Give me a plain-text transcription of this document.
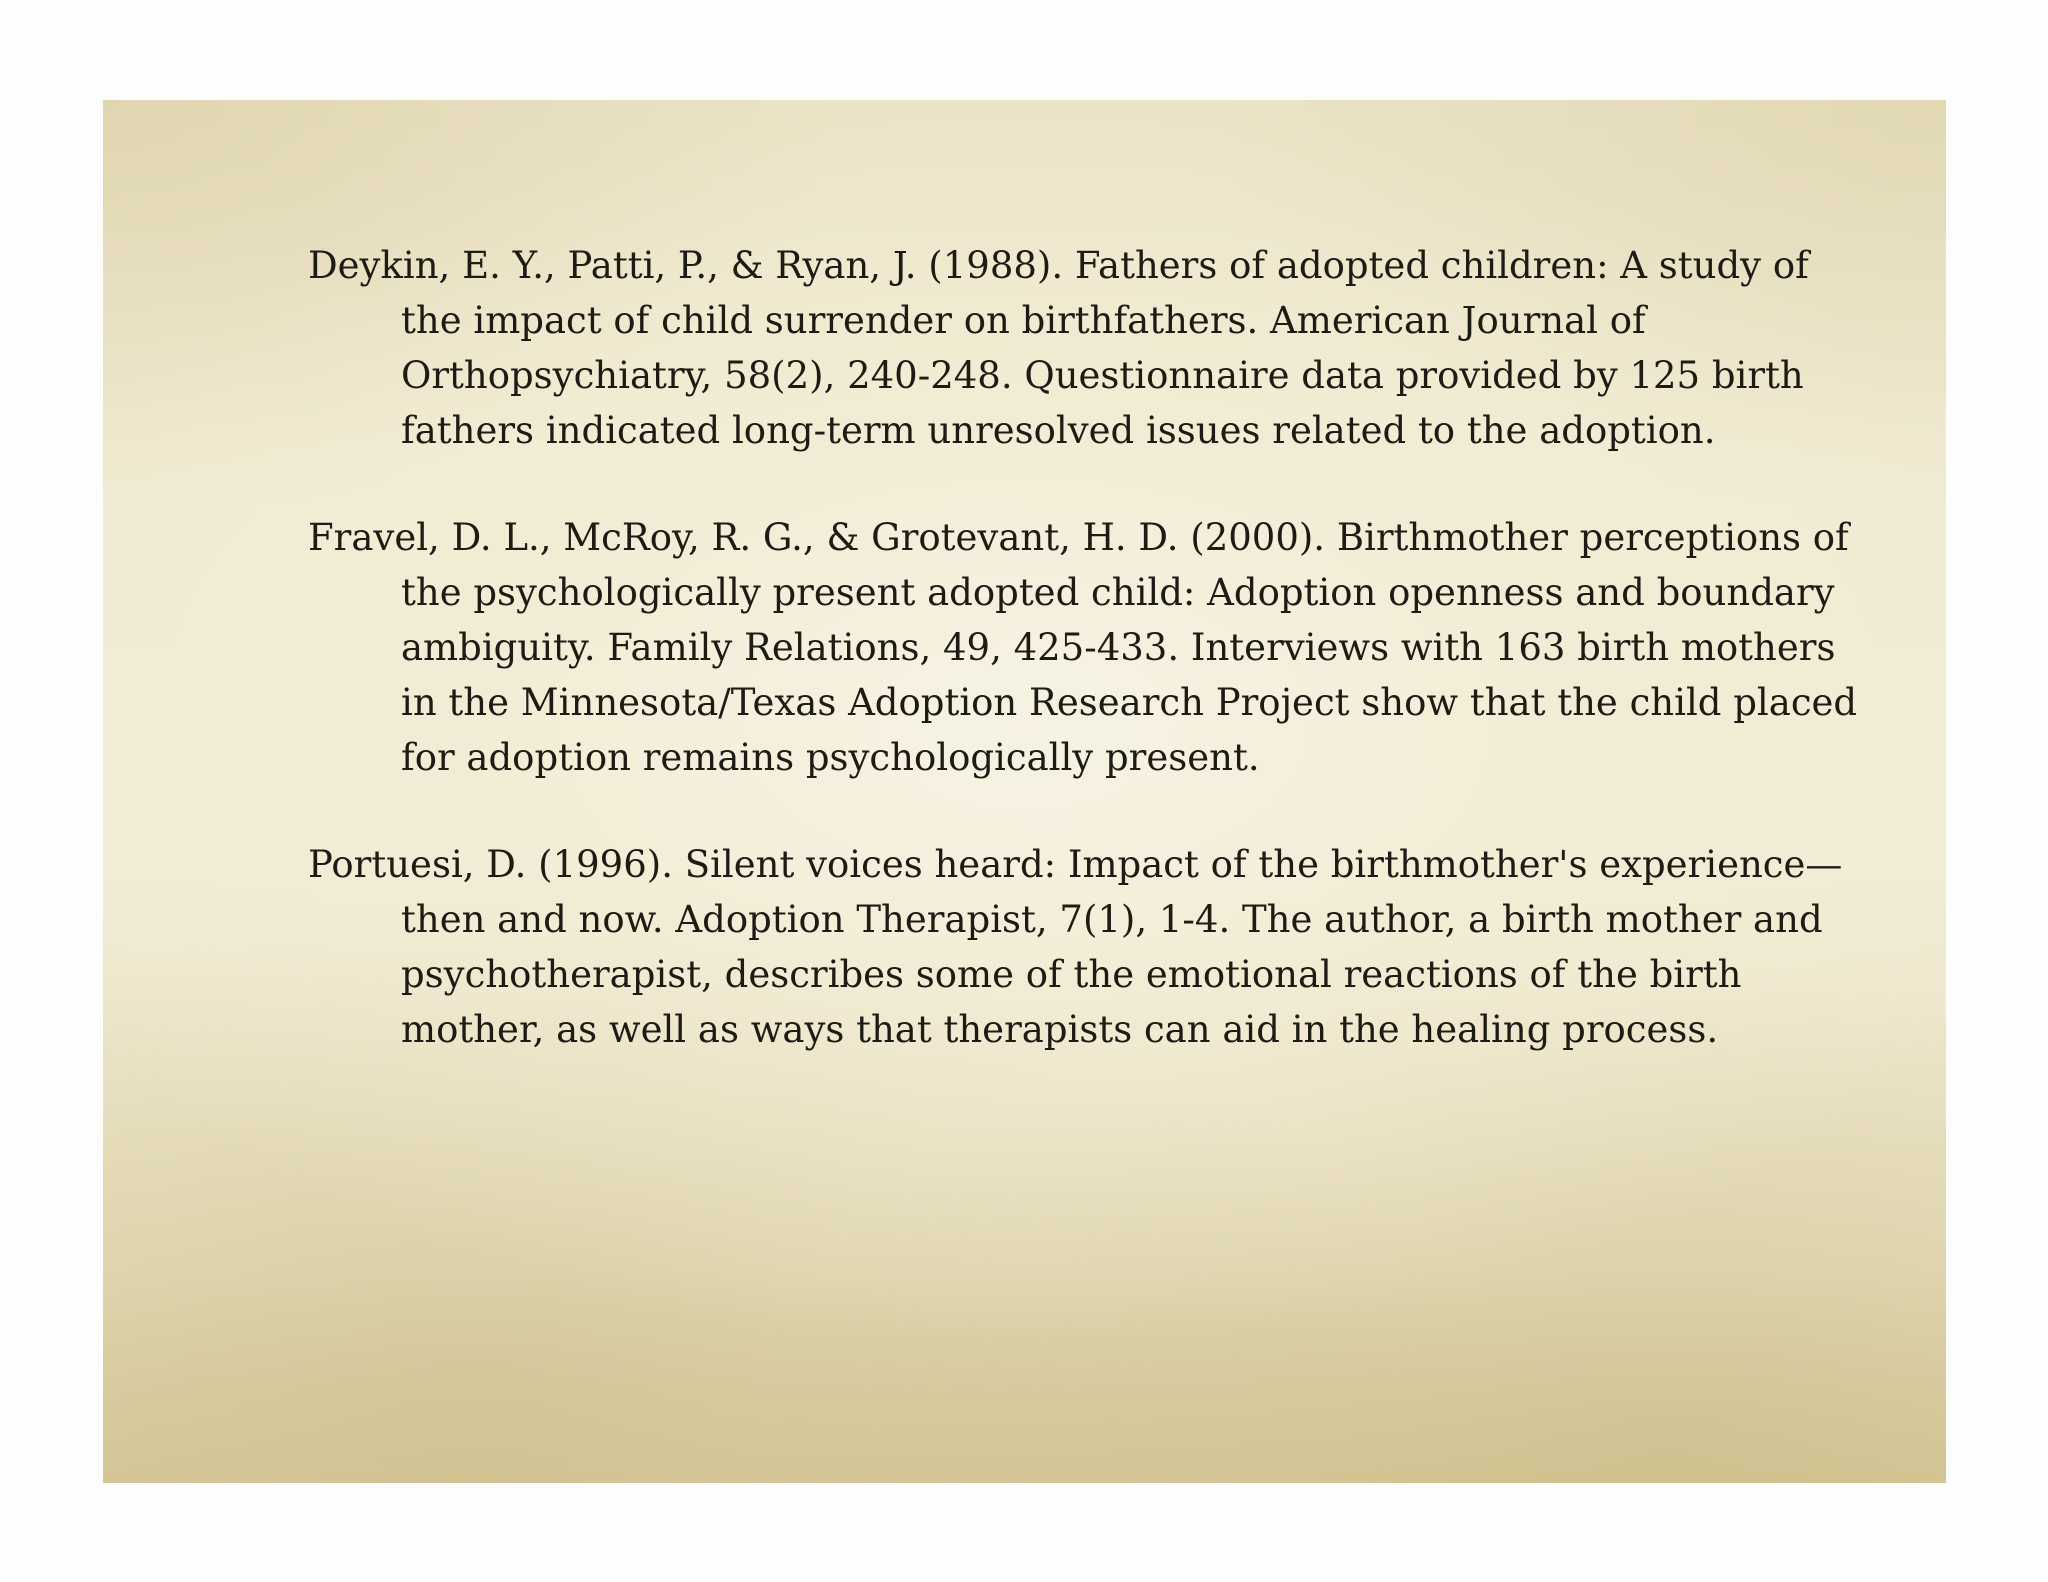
Deykin, E. Y., Patti, P., & Ryan, J. (1988). Fathers of adopted children: A study of the impact of child surrender on birthfathers. American Journal of Orthopsychiatry, 58(2), 240-248. Questionnaire data provided by 125 birth fathers indicated long-term unresolved issues related to the adoption.

Fravel, D. L., McRoy, R. G., & Grotevant, H. D. (2000). Birthmother perceptions of the psychologically present adopted child: Adoption openness and boundary ambiguity. Family Relations, 49, 425-433. Interviews with 163 birth mothers in the Minnesota/Texas Adoption Research Project show that the child placed for adoption remains psychologically present.

Portuesi, D. (1996). Silent voices heard: Impact of the birthmother's experience—then and now. Adoption Therapist, 7(1), 1-4. The author, a birth mother and psychotherapist, describes some of the emotional reactions of the birth mother, as well as ways that therapists can aid in the healing process.
